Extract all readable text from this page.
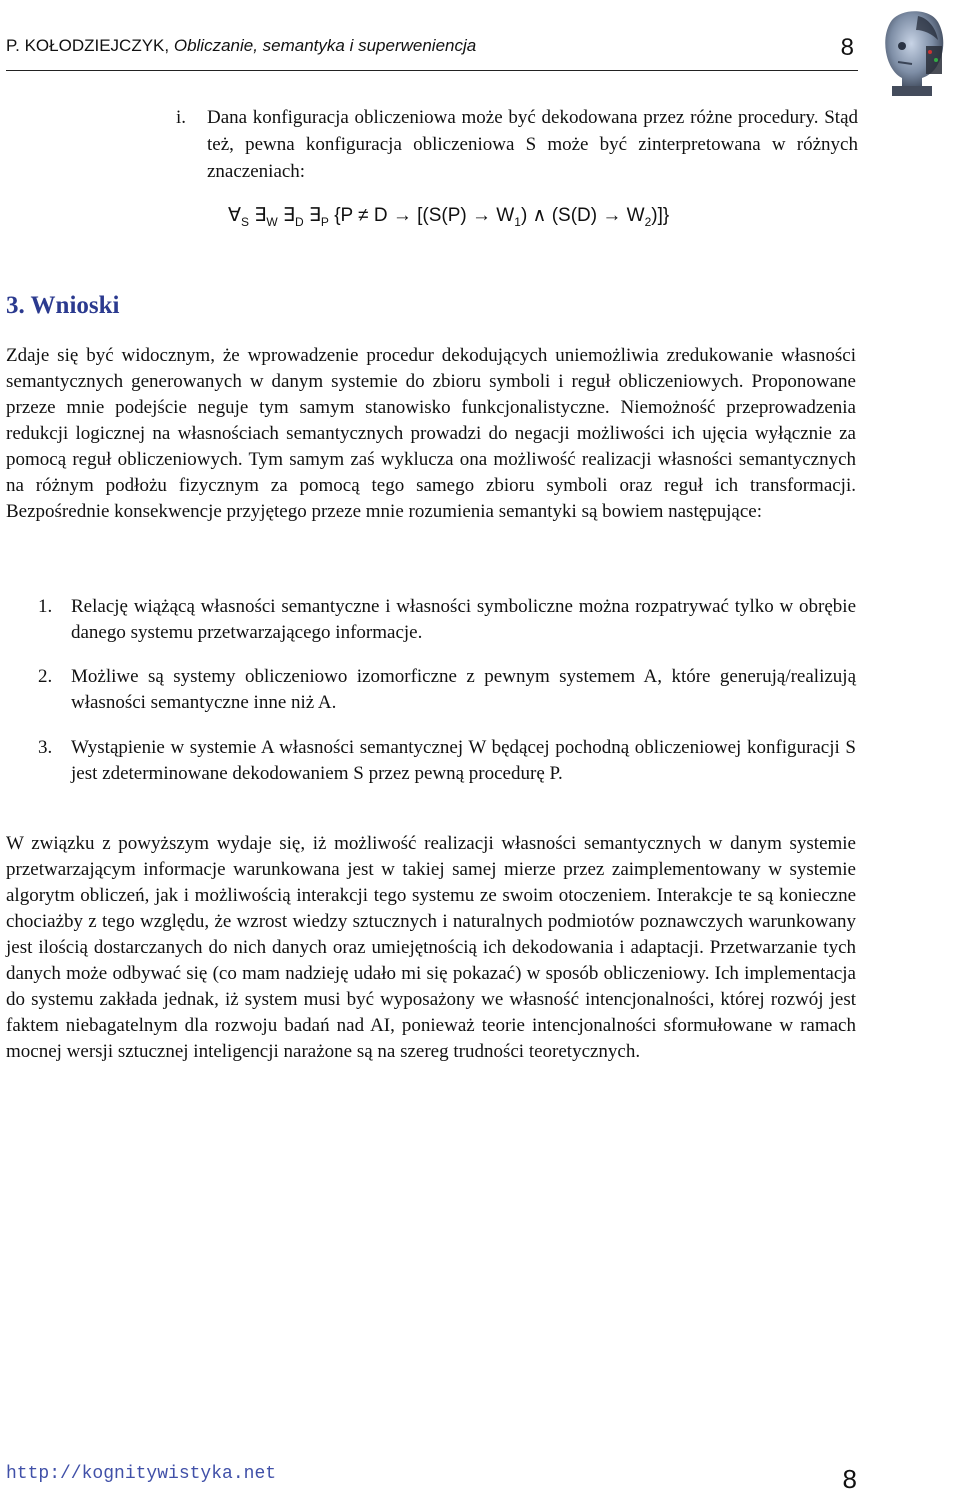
P. KOŁODZIEJCZYK, Obliczanie, semantyka i superweniencja	8
i. Dana konfiguracja obliczeniowa może być dekodowana przez różne procedury. Stąd też, pewna konfiguracja obliczeniowa S może być zinterpretowana w różnych znaczeniach:
$\forall_S$ $\exists_W$ $\exists_D$ $\exists_P$ {$P \ne D \to [(S(P) \to W_1)$ ∧ $(S(D) \to W_2)$]}
3. Wnioski

Zdaje się być widocznym, że wprowadzenie procedur dekodujących uniemożliwia zredukowanie własności semantycznych generowanych w danym systemie do zbioru symboli i reguł obliczeniowych. Proponowane przeze mnie podejście neguje tym samym stanowisko funkcjonalistyczne. Niemożność przeprowadzenia redukcji logicznej na własnościach semantycznych prowadzi do negacji możliwości ich ujęcia wyłącznie za pomocą reguł obliczeniowych. Tym samym zaś wyklucza ona możliwość realizacji własności semantycznych na różnym podłożu fizycznym za pomocą tego samego zbioru symboli oraz reguł ich transformacji. Bezpośrednie konsekwencje przyjętego przeze mnie rozumienia semantyki są bowiem następujące:

1. Relację wiążącą własności semantyczne i własności symboliczne można rozpatrywać tylko w obrębie danego systemu przetwarzającego informacje.
2. Możliwe są systemy obliczeniowo izomorficzne z pewnym systemem A, które generują/realizują własności semantyczne inne niż A.
3. Wystąpienie w systemie A własności semantycznej W będącej pochodną obliczeniowej konfiguracji S jest zdeterminowane dekodowaniem S przez pewną procedurę P.

W związku z powyższym wydaje się, iż możliwość realizacji własności semantycznych w danym systemie przetwarzającym informacje warunkowana jest w takiej samej mierze przez zaimplementowany w systemie algorytm obliczeń, jak i możliwością interakcji tego systemu ze swoim otoczeniem. Interakcje te są konieczne chociażby z tego względu, że wzrost wiedzy sztucznych i naturalnych podmiotów poznawczych warunkowany jest ilością dostarczanych do nich danych oraz umiejętnością ich dekodowania i adaptacji. Przetwarzanie tych danych może odbywać się (co mam nadzieję udało mi się pokazać) w sposób obliczeniowy. Ich implementacja do systemu zakłada jednak, iż system musi być wyposażony we własność intencjonalności, której rozwój jest faktem niebagatelnym dla rozwoju badań nad AI, ponieważ teorie intencjonalności sformułowane w ramach mocnej wersji sztucznej inteligencji narażone są na szereg trudności teoretycznych.

http://kognitywistyka.net	8
